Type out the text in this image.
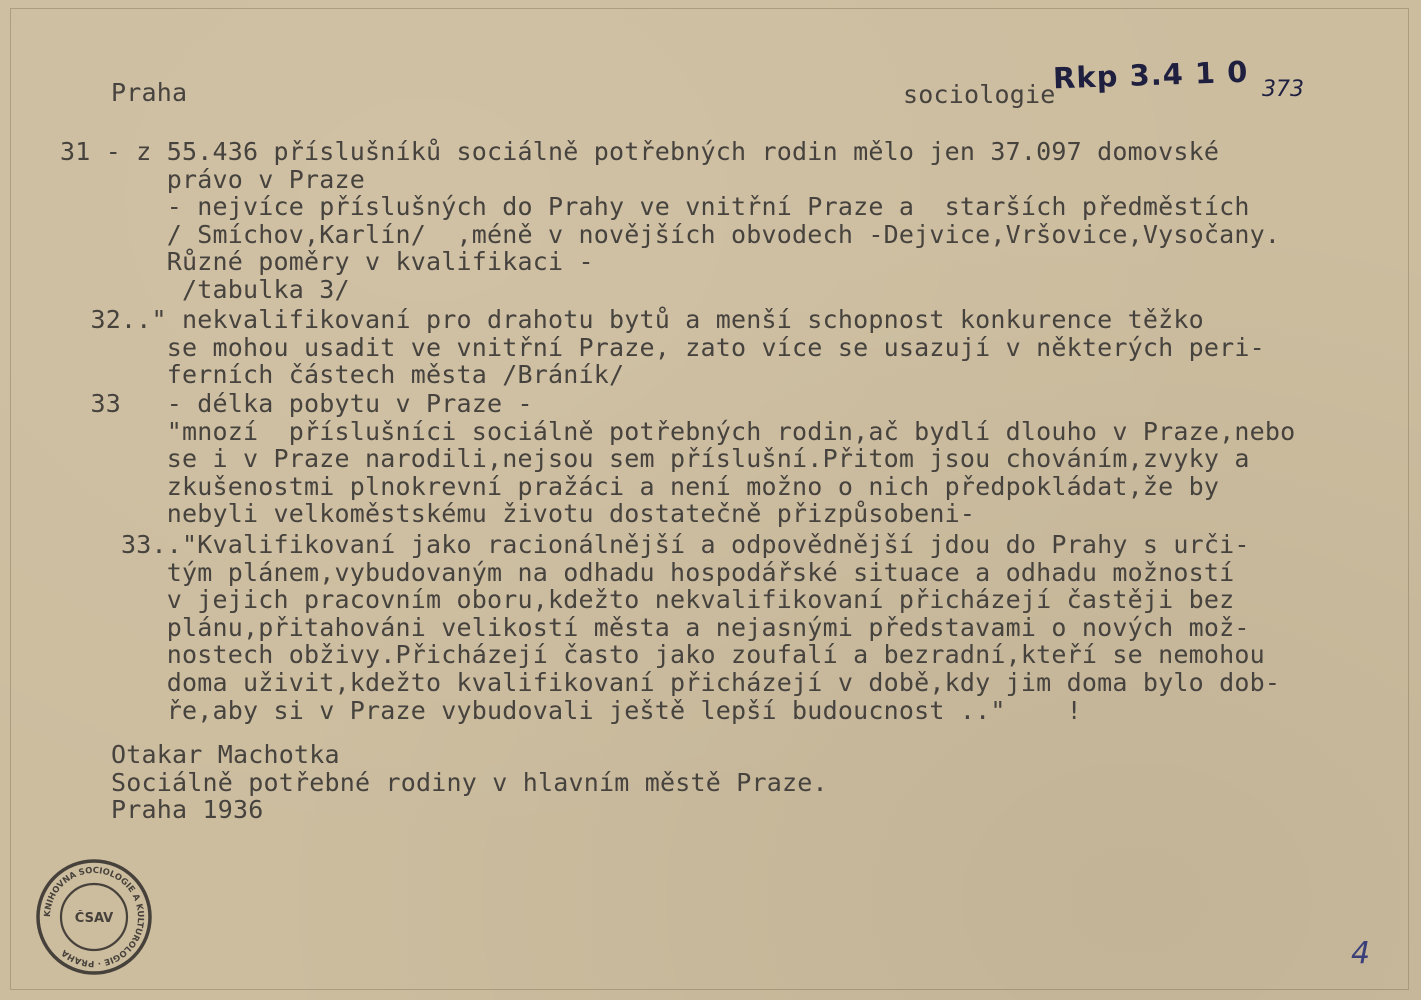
Praha	sociologie
Rkp 3.4 1 0 373
31 - z 55.436 příslušníků sociálně potřebných rodin mělo jen 37.097 domovské
právo v Praze
- nejvíce příslušných do Prahy ve vnitřní Praze a  starších předměstích
/ Smíchov,Karlín/  ,méně v novějších obvodech -Dejvice,Vršovice,Vysočany.
Různé poměry v kvalifikaci -
/tabulka 3/
32.." nekvalifikovaní pro drahotu bytů a menší schopnost konkurence těžko
se mohou usadit ve vnitřní Praze, zato více se usazují v některých peri-
ferních částech města /Bráník/
33   - délka pobytu v Praze -
"mnozí  příslušníci sociálně potřebných rodin,ač bydlí dlouho v Praze,nebo
se i v Praze narodili,nejsou sem příslušní.Přitom jsou chováním,zvyky a
zkušenostmi plnokrevní pražáci a není možno o nich předpokládat,že by
nebyli velkoměstskému životu dostatečně přizpůsobeni-
33.."Kvalifikovaní jako racionálnější a odpovědnější jdou do Prahy s urči-
tým plánem,vybudovaným na odhadu hospodářské situace a odhadu možností
v jejich pracovním oboru,kdežto nekvalifikovaní přicházejí častěji bez
plánu,přitahováni velikostí města a nejasnými představami o nových mož-
nostech obživy.Přicházejí často jako zoufalí a bezradní,kteří se nemohou
doma uživit,kdežto kvalifikovaní přicházejí v době,kdy jim doma bylo dob-
ře,aby si v Praze vybudovali ještě lepší budoucnost .."    !
Otakar Machotka
Sociálně potřebné rodiny v hlavním městě Praze.
Praha 1936
KNIHOVNA SOCIOLOGIE A KULTUROLOGIE · PRAHA
ČSAV
4
